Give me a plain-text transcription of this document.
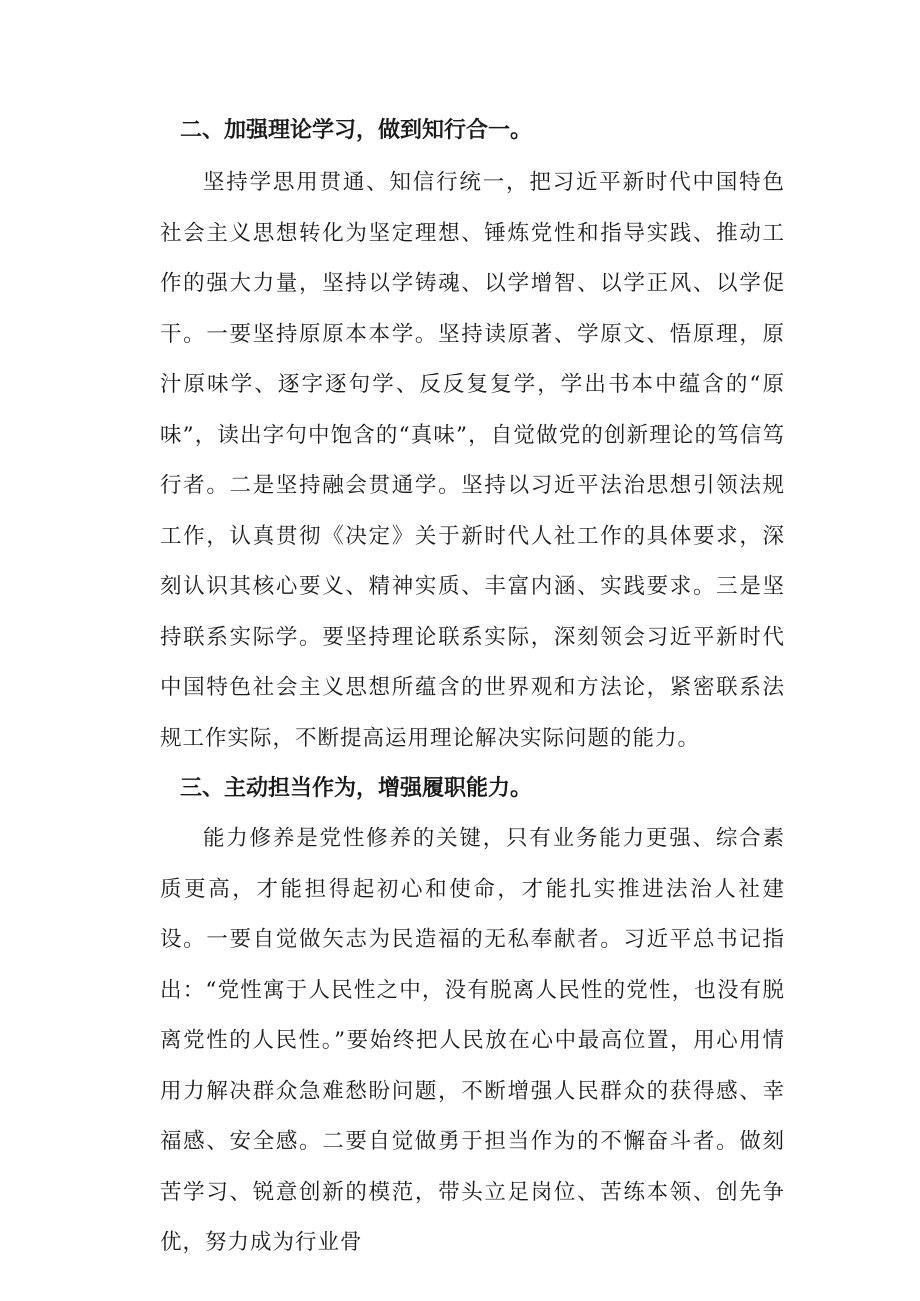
二、加强理论学习，做到知行合一。

坚持学思用贯通、知信行统一，把习近平新时代中国特色社会主义思想转化为坚定理想、锤炼党性和指导实践、推动工作的强大力量，坚持以学铸魂、以学增智、以学正风、以学促干。一要坚持原原本本学。坚持读原著、学原文、悟原理，原汁原味学、逐字逐句学、反反复复学，学出书本中蕴含的“原味”，读出字句中饱含的“真味”，自觉做党的创新理论的笃信笃行者。二是坚持融会贯通学。坚持以习近平法治思想引领法规工作，认真贯彻《决定》关于新时代人社工作的具体要求，深刻认识其核心要义、精神实质、丰富内涵、实践要求。三是坚持联系实际学。要坚持理论联系实际，深刻领会习近平新时代中国特色社会主义思想所蕴含的世界观和方法论，紧密联系法规工作实际，不断提高运用理论解决实际问题的能力。

三、主动担当作为，增强履职能力。

能力修养是党性修养的关键，只有业务能力更强、综合素质更高，才能担得起初心和使命，才能扎实推进法治人社建设。一要自觉做矢志为民造福的无私奉献者。习近平总书记指出：“党性寓于人民性之中，没有脱离人民性的党性，也没有脱离党性的人民性。”要始终把人民放在心中最高位置，用心用情用力解决群众急难愁盼问题，不断增强人民群众的获得感、幸福感、安全感。二要自觉做勇于担当作为的不懈奋斗者。做刻苦学习、锐意创新的模范，带头立足岗位、苦练本领、创先争优，努力成为行业骨
